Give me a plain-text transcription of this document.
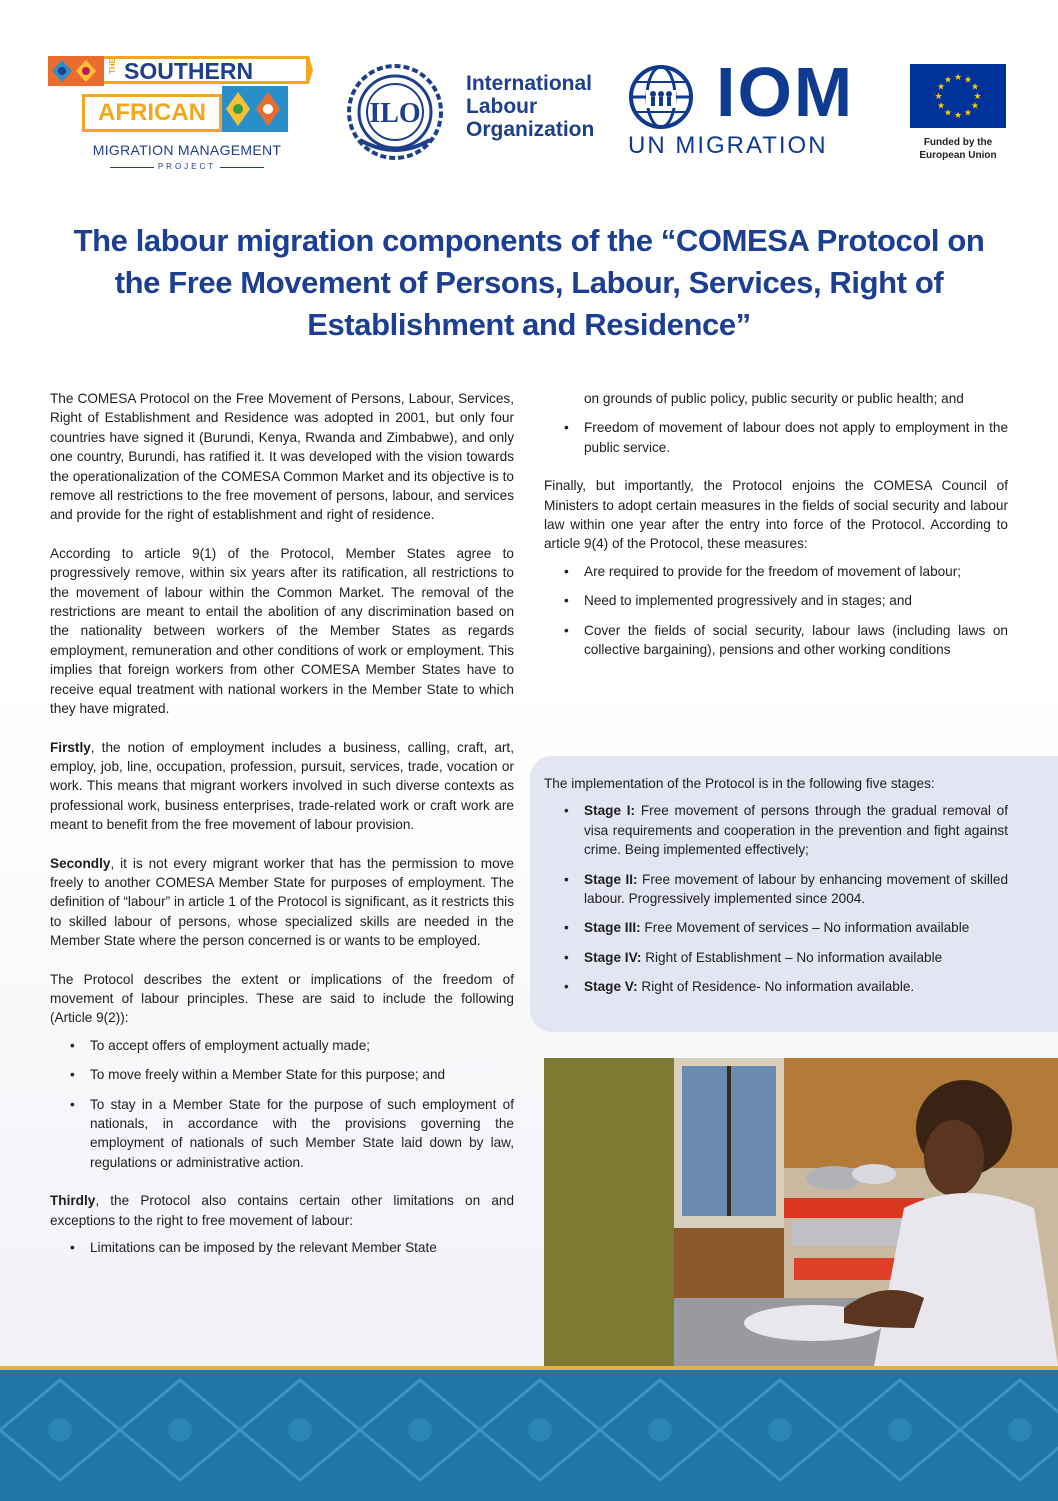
SOUTHERN
THE
AFRICAN
MIGRATION MANAGEMENT
PROJECT
ILO
International
Labour
Organization IOM
UN MIGRATION
★ ★
★
★
★
★
★
★
★
★
★
★
Funded by the
European Union
The labour migration components of the “COMESA Protocol on the Free Movement of Persons, Labour, Services, Right of Establishment and Residence”

The COMESA Protocol on the Free Movement of Persons, Labour, Services, Right of Establishment and Residence was adopted in 2001, but only four countries have signed it (Burundi, Kenya, Rwanda and Zimbabwe), and only one country, Burundi, has ratified it. It was developed with the vision towards the operationalization of the COMESA Common Market and its objective is to remove all restrictions to the free movement of persons, labour, and services and provide for the right of establishment and right of residence.

According to article 9(1) of the Protocol, Member States agree to progressively remove, within six years after its ratification, all restrictions to the movement of labour within the Common Market. The removal of the restrictions are meant to entail the abolition of any discrimination based on the nationality between workers of the Member States as regards employment, remuneration and other conditions of work or employment. This implies that foreign workers from other COMESA Member States have to receive equal treatment with national workers in the Member State to which they have migrated.

Firstly, the notion of employment includes a business, calling, craft, art, employ, job, line, occupation, profession, pursuit, services, trade, vocation or work. This means that migrant workers involved in such diverse contexts as professional work, business enterprises, trade-related work or craft work are meant to benefit from the free movement of labour provision.

Secondly, it is not every migrant worker that has the permission to move freely to another COMESA Member State for purposes of employment. The definition of “labour” in article 1 of the Protocol is significant, as it restricts this to skilled labour of persons, whose specialized skills are needed in the Member State where the person concerned is or wants to be employed.

The Protocol describes the extent or implications of the freedom of movement of labour principles. These are said to include the following (Article 9(2)):

• To accept offers of employment actually made;
• To move freely within a Member State for this purpose; and
• To stay in a Member State for the purpose of such employment of nationals, in accordance with the provisions governing the employment of nationals of such Member State laid down by law, regulations or administrative action.

Thirdly, the Protocol also contains certain other limitations on and exceptions to the right to free movement of labour:

• Limitations can be imposed by the relevant Member State

on grounds of public policy, public security or public health; and

• Freedom of movement of labour does not apply to employment in the public service.

Finally, but importantly, the Protocol enjoins the COMESA Council of Ministers to adopt certain measures in the fields of social security and labour law within one year after the entry into force of the Protocol. According to article 9(4) of the Protocol, these measures:

• Are required to provide for the freedom of movement of labour;
• Need to implemented progressively and in stages; and
• Cover the fields of social security, labour laws (including laws on collective bargaining), pensions and other working conditions

The implementation of the Protocol is in the following five stages:

• Stage I: Free movement of persons through the gradual removal of visa requirements and cooperation in the prevention and fight against crime. Being implemented effectively;
• Stage II: Free movement of labour by enhancing movement of skilled labour. Progressively implemented since 2004.
• Stage III: Free Movement of services – No information available
• Stage IV: Right of Establishment – No information available
• Stage V: Right of Residence- No information available.
